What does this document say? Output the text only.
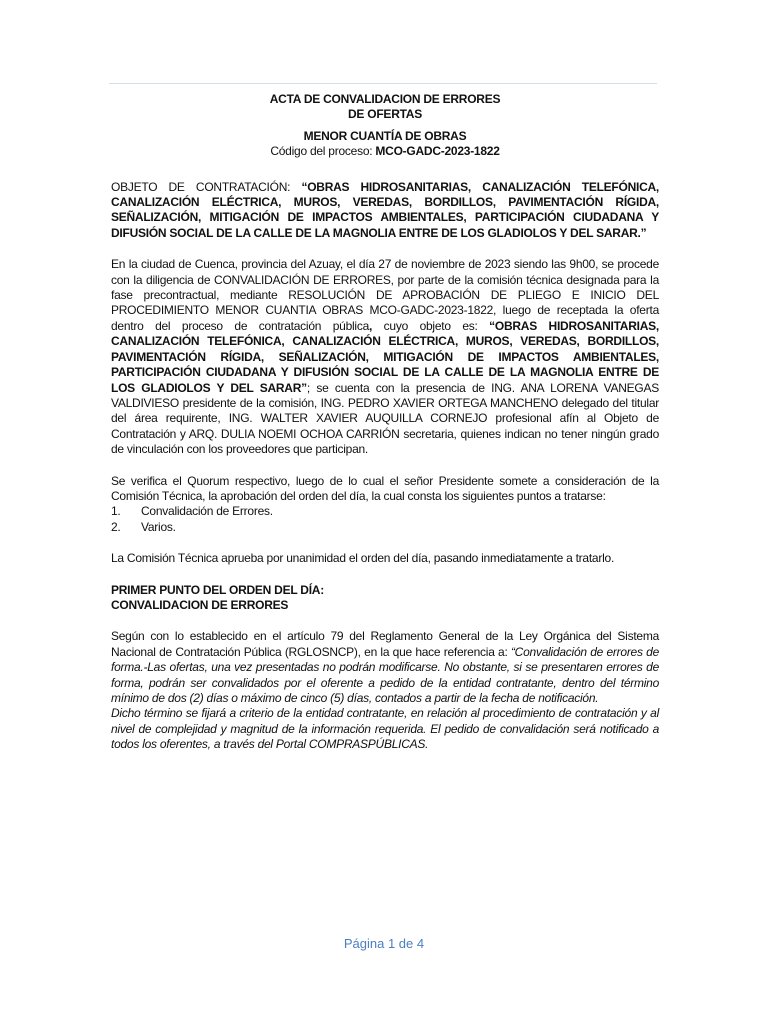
ACTA DE CONVALIDACION DE ERRORES
DE OFERTAS
MENOR CUANTÍA DE OBRAS
Código del proceso: MCO-GADC-2023-1822

OBJETO DE CONTRATACIÓN: “OBRAS HIDROSANITARIAS, CANALIZACIÓN TELEFÓNICA, CANALIZACIÓN ELÉCTRICA, MUROS, VEREDAS, BORDILLOS, PAVIMENTACIÓN RÍGIDA, SEÑALIZACIÓN, MITIGACIÓN DE IMPACTOS AMBIENTALES, PARTICIPACIÓN CIUDADANA Y DIFUSIÓN SOCIAL DE LA CALLE DE LA MAGNOLIA ENTRE DE LOS GLADIOLOS Y DEL SARAR.”

En la ciudad de Cuenca, provincia del Azuay, el día 27 de noviembre de 2023 siendo las 9h00, se procede con la diligencia de CONVALIDACIÓN DE ERRORES, por parte de la comisión técnica designada para la fase precontractual, mediante RESOLUCIÓN DE APROBACIÓN DE PLIEGO E INICIO DEL PROCEDIMIENTO MENOR CUANTIA OBRAS MCO-GADC-2023-1822, luego de receptada la oferta dentro del proceso de contratación pública, cuyo objeto es: “OBRAS HIDROSANITARIAS, CANALIZACIÓN TELEFÓNICA, CANALIZACIÓN ELÉCTRICA, MUROS, VEREDAS, BORDILLOS, PAVIMENTACIÓN RÍGIDA, SEÑALIZACIÓN, MITIGACIÓN DE IMPACTOS AMBIENTALES, PARTICIPACIÓN CIUDADANA Y DIFUSIÓN SOCIAL DE LA CALLE DE LA MAGNOLIA ENTRE DE LOS GLADIOLOS Y DEL SARAR”; se cuenta con la presencia de ING. ANA LORENA VANEGAS VALDIVIESO presidente de la comisión, ING. PEDRO XAVIER ORTEGA MANCHENO delegado del titular del área requirente, ING. WALTER XAVIER AUQUILLA CORNEJO profesional afín al Objeto de Contratación y ARQ. DULIA NOEMI OCHOA CARRIÓN secretaria, quienes indican no tener ningún grado de vinculación con los proveedores que participan.

Se verifica el Quorum respectivo, luego de lo cual el señor Presidente somete a consideración de la Comisión Técnica, la aprobación del orden del día, la cual consta los siguientes puntos a tratarse:

1.	Convalidación de Errores.
2.	Varios.

La Comisión Técnica aprueba por unanimidad el orden del día, pasando inmediatamente a tratarlo.

PRIMER PUNTO DEL ORDEN DEL DÍA:
CONVALIDACION DE ERRORES

Según con lo establecido en el artículo 79 del Reglamento General de la Ley Orgánica del Sistema Nacional de Contratación Pública (RGLOSNCP), en la que hace referencia a: “Convalidación de errores de forma.-Las ofertas, una vez presentadas no podrán modificarse. No obstante, si se presentaren errores de forma, podrán ser convalidados por el oferente a pedido de la entidad contratante, dentro del término mínimo de dos (2) días o máximo de cinco (5) días, contados a partir de la fecha de notificación.

Dicho término se fijará a criterio de la entidad contratante, en relación al procedimiento de contratación y al nivel de complejidad y magnitud de la información requerida. El pedido de convalidación será notificado a todos los oferentes, a través del Portal COMPRASPÚBLICAS.

Página 1 de 4
